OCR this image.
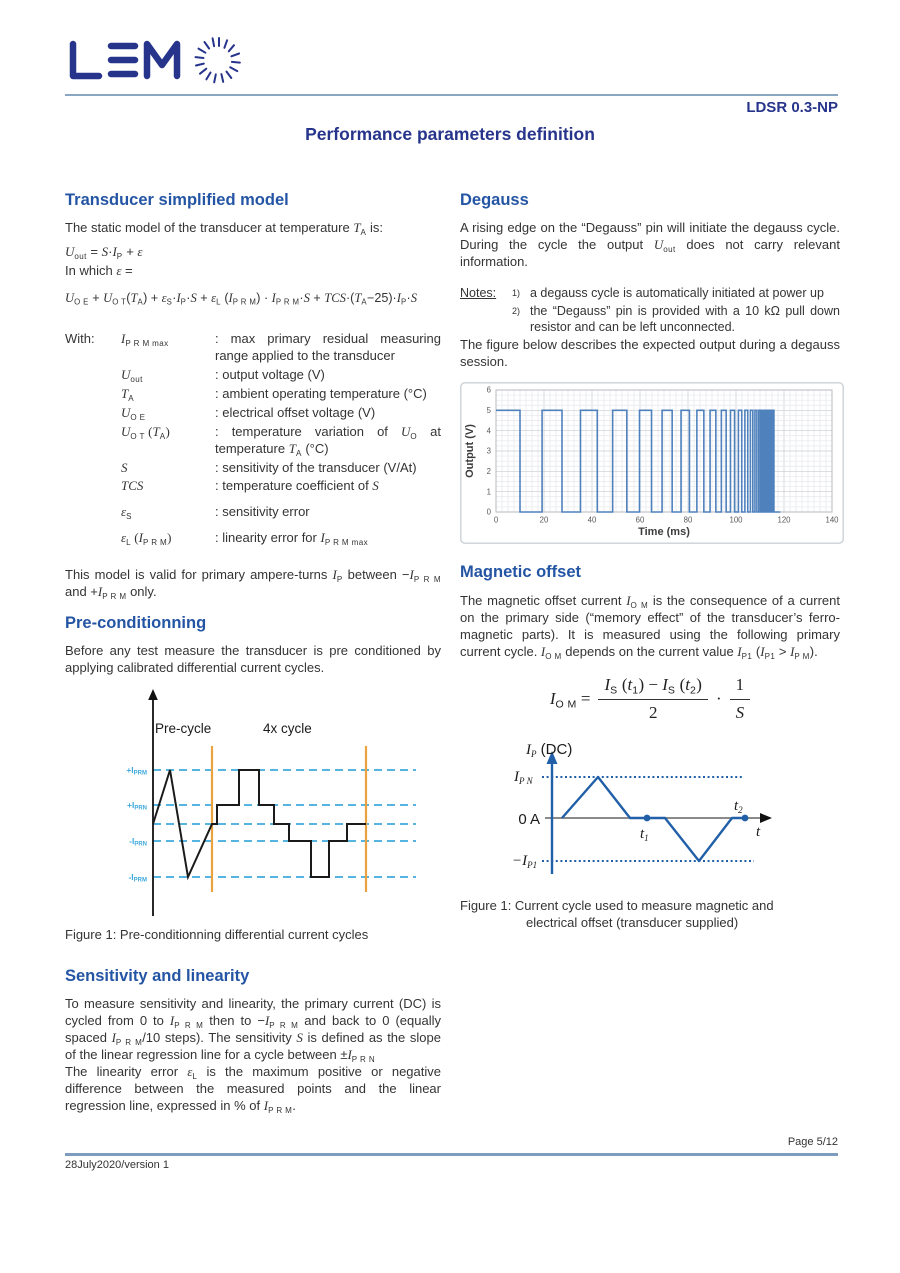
LDSR 0.3-NP
Performance parameters definition
Transducer simplified model

The static model of the transducer at temperature $T_A$ is:

$U_{out} = S\cdot I_P + \varepsilon$
In which ε =
$U_{O E} + U_{O T}(T_A) + \varepsilon_S\cdot I_P\cdot S + \varepsilon_L$ $(I_{P R M}) \cdot I_{P R M}\cdot S + TCS\cdot(T_A-25)\cdot I_P\cdot S$
With:	$I_{P R M max}$	: max primary residual measuring range applied to the transducer
$U_{out}$	: output voltage (V)
$T_A$	: ambient operating temperature (°C)
$U_{O E}$	: electrical offset voltage (V)
$U_{O T}$ $(T_A)$	: temperature variation of $U_O$ at temperature $T_A$ (°C)
S	: sensitivity of the transducer (V/At)
TCS	: temperature coefficient of S
$\varepsilon_S$	: sensitivity error
$\varepsilon_L$ $(I_{P R M})$	: linearity error for $I_{P R M max}$

This model is valid for primary ampere-turns $I_P$ between $-I_{P R M}$ and $+I_{P R M}$ only.

Pre-conditionning

Before any test measure the transducer is pre conditioned by applying calibrated differential current cycles.

Pre-cycle	4x cycle
+IPRM
+IPRN
-IPRN
-IPRM

Figure 1: Pre-conditionning differential current cycles

Sensitivity and linearity

To measure sensitivity and linearity, the primary current (DC) is cycled from 0 to $I_{P R M}$ then to $-I_{P R M}$ and back to 0 (equally spaced $I_{P R M}/10$ steps). The sensitivity S is defined as the slope of the linear regression line for a cycle between $\pm I_{P R N}$
The linearity error $\varepsilon_L$ is the maximum positive or negative difference between the measured points and the linear regression line, expressed in % of $I_{P R M}$.

Degauss

A rising edge on the “Degauss” pin will initiate the degauss cycle. During the cycle the output $U_{out}$ does not carry relevant information.

Notes:	1) a degauss cycle is automatically initiated at power up
2) the “Degauss” pin is provided with a 10 kΩ pull down resistor and can be left unconnected.

The figure below describes the expected output during a degauss session.

0	20	40	60	80	100	120	140
0
1
2
3
4
5
6
Time (ms)
Output (V)
Magnetic offset

The magnetic offset current $I_{O M}$ is the consequence of a current on the primary side (“memory effect” of the transducer’s ferro-magnetic parts). It is measured using the following primary current cycle. $I_{O M}$ depends on the current value $I_{P1}$ $(I_{P1} > I_{P M})$.

$I_{O M} = \frac{I_S (t_1) - I_S (t_2)}{2} \cdot \frac{1}{S}$
$I_P$ (DC)
$I_{P N}$
0 A
$-I_{P1}$
$t_1$
$t_2$
t
Figure 1: Current cycle used to measure magnetic and
electrical offset (transducer supplied)
Page 5/12
28July2020/version 1
